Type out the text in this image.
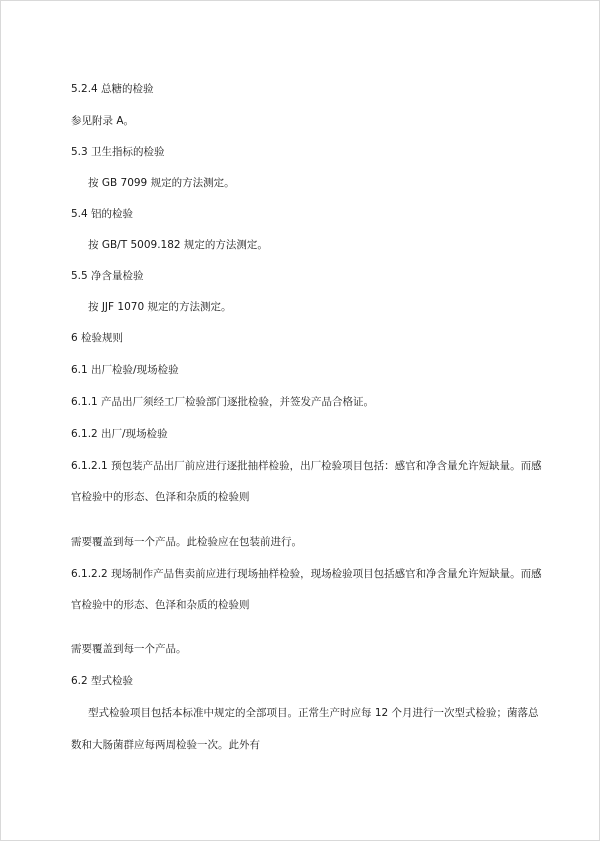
5.2.4 总糖的检验
参见附录 A。
5.3 卫生指标的检验
按 GB 7099 规定的方法测定。
5.4 铝的检验
按 GB/T 5009.182 规定的方法测定。
5.5 净含量检验
按 JJF 1070 规定的方法测定。
6 检验规则
6.1 出厂检验/现场检验
6.1.1 产品出厂须经工厂检验部门逐批检验，并签发产品合格证。
6.1.2 出厂/现场检验
6.1.2.1 预包装产品出厂前应进行逐批抽样检验，出厂检验项目包括：感官和净含量允许短缺量。而感
官检验中的形态、色泽和杂质的检验则
需要覆盖到每一个产品。此检验应在包装前进行。
6.1.2.2 现场制作产品售卖前应进行现场抽样检验，现场检验项目包括感官和净含量允许短缺量。而感
官检验中的形态、色泽和杂质的检验则
需要覆盖到每一个产品。
6.2 型式检验
型式检验项目包括本标准中规定的全部项目。正常生产时应每 12 个月进行一次型式检验；菌落总
数和大肠菌群应每两周检验一次。此外有
